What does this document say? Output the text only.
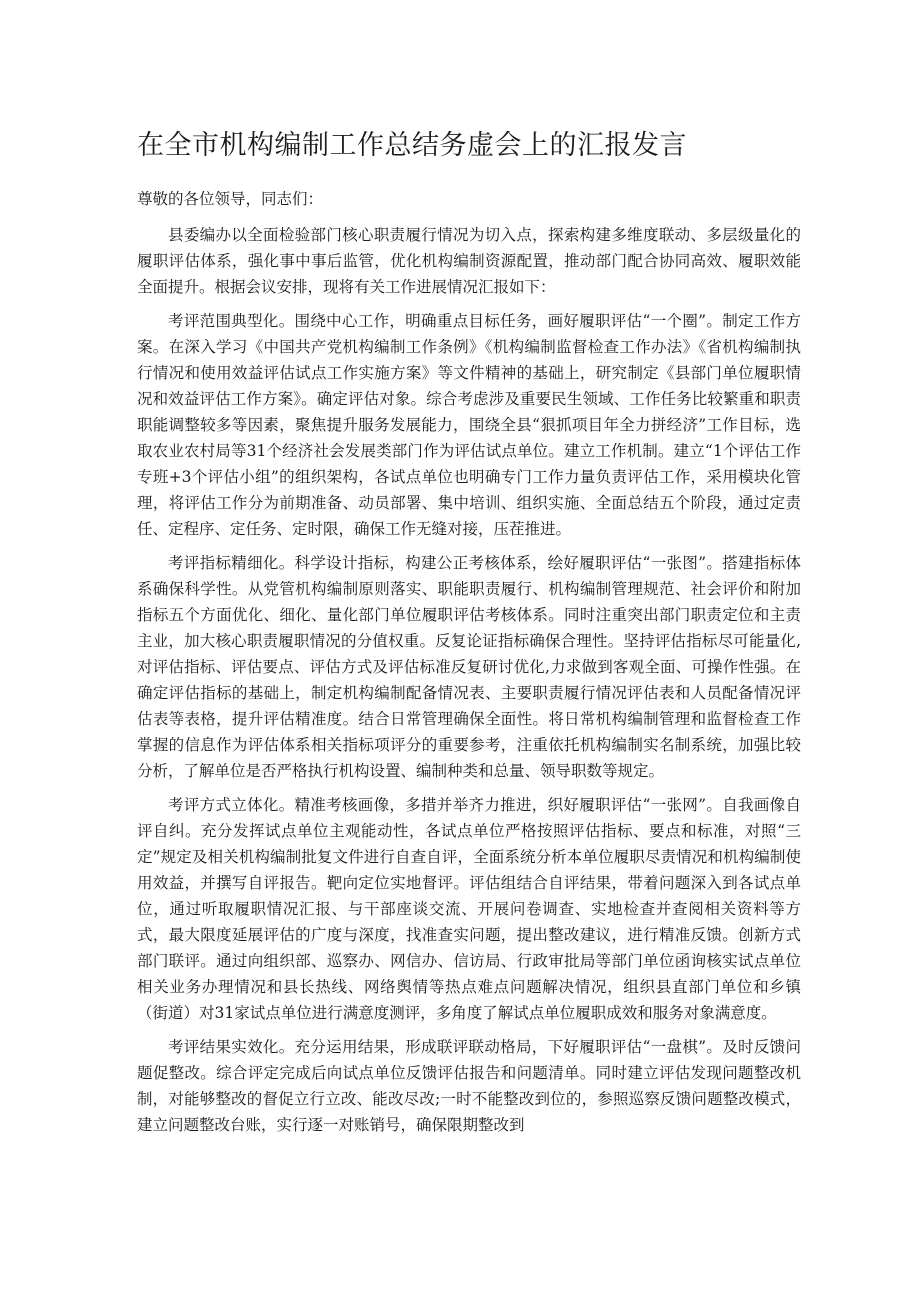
在全市机构编制工作总结务虚会上的汇报发言

尊敬的各位领导，同志们：

县委编办以全面检验部门核心职责履行情况为切入点，探索构建多维度联动、多层级量化的履职评估体系，强化事中事后监管，优化机构编制资源配置，推动部门配合协同高效、履职效能全面提升。根据会议安排，现将有关工作进展情况汇报如下：

考评范围典型化。围绕中心工作，明确重点目标任务，画好履职评估“一个圈”。制定工作方案。在深入学习《中国共产党机构编制工作条例》《机构编制监督检查工作办法》《省机构编制执行情况和使用效益评估试点工作实施方案》等文件精神的基础上，研究制定《县部门单位履职情况和效益评估工作方案》。确定评估对象。综合考虑涉及重要民生领域、工作任务比较繁重和职责职能调整较多等因素，聚焦提升服务发展能力，围绕全县“狠抓项目年全力拼经济”工作目标，选取农业农村局等31个经济社会发展类部门作为评估试点单位。建立工作机制。建立“1个评估工作专班+3个评估小组”的组织架构，各试点单位也明确专门工作力量负责评估工作，采用模块化管理，将评估工作分为前期准备、动员部署、集中培训、组织实施、全面总结五个阶段，通过定责任、定程序、定任务、定时限，确保工作无缝对接，压茬推进。

考评指标精细化。科学设计指标，构建公正考核体系，绘好履职评估“一张图”。搭建指标体系确保科学性。从党管机构编制原则落实、职能职责履行、机构编制管理规范、社会评价和附加指标五个方面优化、细化、量化部门单位履职评估考核体系。同时注重突出部门职责定位和主责主业，加大核心职责履职情况的分值权重。反复论证指标确保合理性。坚持评估指标尽可能量化,对评估指标、评估要点、评估方式及评估标准反复研讨优化,力求做到客观全面、可操作性强。在确定评估指标的基础上，制定机构编制配备情况表、主要职责履行情况评估表和人员配备情况评估表等表格，提升评估精准度。结合日常管理确保全面性。将日常机构编制管理和监督检查工作掌握的信息作为评估体系相关指标项评分的重要参考，注重依托机构编制实名制系统，加强比较分析，了解单位是否严格执行机构设置、编制种类和总量、领导职数等规定。

考评方式立体化。精准考核画像，多措并举齐力推进，织好履职评估“一张网”。自我画像自评自纠。充分发挥试点单位主观能动性，各试点单位严格按照评估指标、要点和标准，对照“三定”规定及相关机构编制批复文件进行自查自评，全面系统分析本单位履职尽责情况和机构编制使用效益，并撰写自评报告。靶向定位实地督评。评估组结合自评结果，带着问题深入到各试点单位，通过听取履职情况汇报、与干部座谈交流、开展问卷调查、实地检查并查阅相关资料等方式，最大限度延展评估的广度与深度，找准查实问题，提出整改建议，进行精准反馈。创新方式部门联评。通过向组织部、巡察办、网信办、信访局、行政审批局等部门单位函询核实试点单位相关业务办理情况和县长热线、网络舆情等热点难点问题解决情况，组织县直部门单位和乡镇（街道）对31家试点单位进行满意度测评，多角度了解试点单位履职成效和服务对象满意度。

考评结果实效化。充分运用结果，形成联评联动格局，下好履职评估“一盘棋”。及时反馈问题促整改。综合评定完成后向试点单位反馈评估报告和问题清单。同时建立评估发现问题整改机制，对能够整改的督促立行立改、能改尽改;一时不能整改到位的，参照巡察反馈问题整改模式，建立问题整改台账，实行逐一对账销号，确保限期整改到
